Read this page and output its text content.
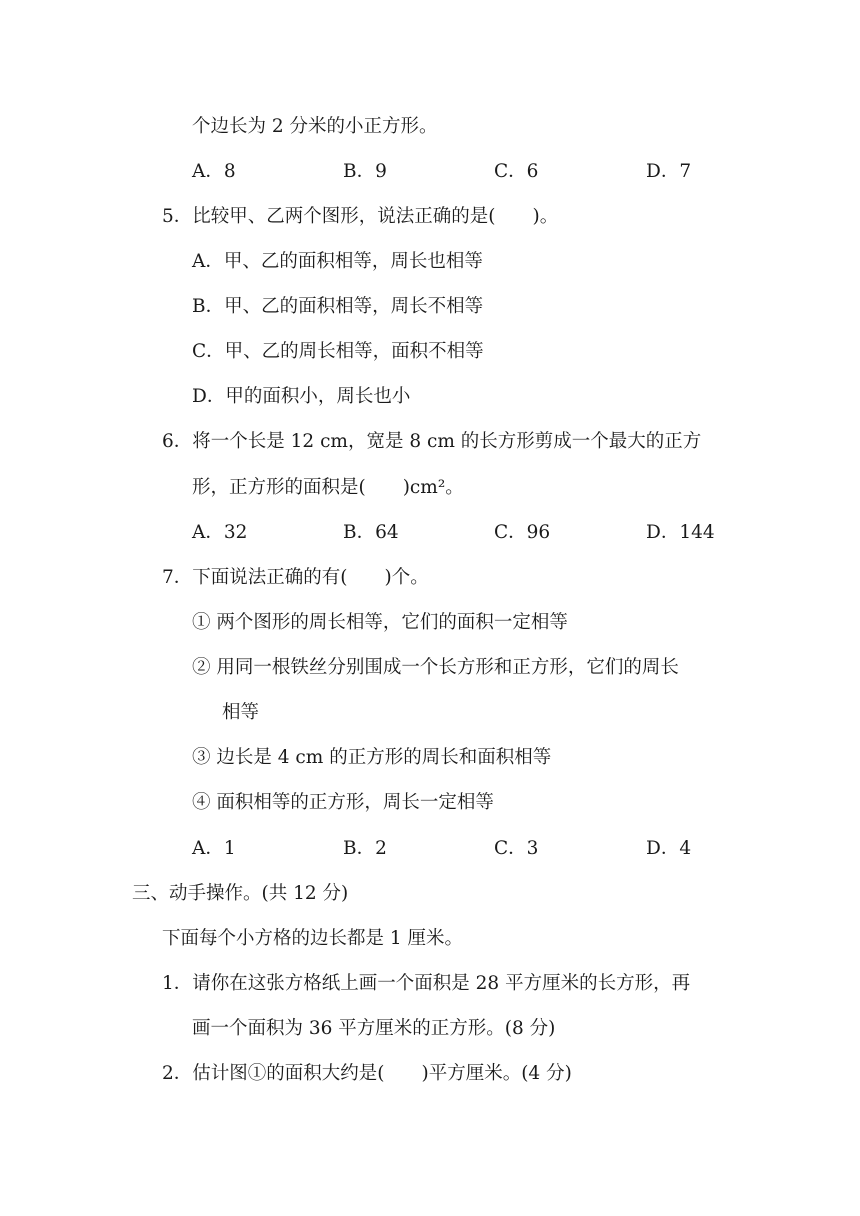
个边长为 2 分米的小正方形。
A．8	B．9	C．6	D．7
5．比较甲、乙两个图形，说法正确的是(　　)。
A．甲、乙的面积相等，周长也相等
B．甲、乙的面积相等，周长不相等
C．甲、乙的周长相等，面积不相等
D．甲的面积小，周长也小
6．将一个长是 12 cm，宽是 8 cm 的长方形剪成一个最大的正方
形，正方形的面积是(　　)cm²。
A．32	B．64	C．96	D．144
7．下面说法正确的有(　　)个。
① 两个图形的周长相等，它们的面积一定相等
② 用同一根铁丝分别围成一个长方形和正方形，它们的周长
相等
③ 边长是 4 cm 的正方形的周长和面积相等
④ 面积相等的正方形，周长一定相等
A．1	B．2	C．3	D．4
三、动手操作。(共 12 分)
下面每个小方格的边长都是 1 厘米。
1．请你在这张方格纸上画一个面积是 28 平方厘米的长方形，再
画一个面积为 36 平方厘米的正方形。(8 分)
2．估计图①的面积大约是(　　)平方厘米。(4 分)
